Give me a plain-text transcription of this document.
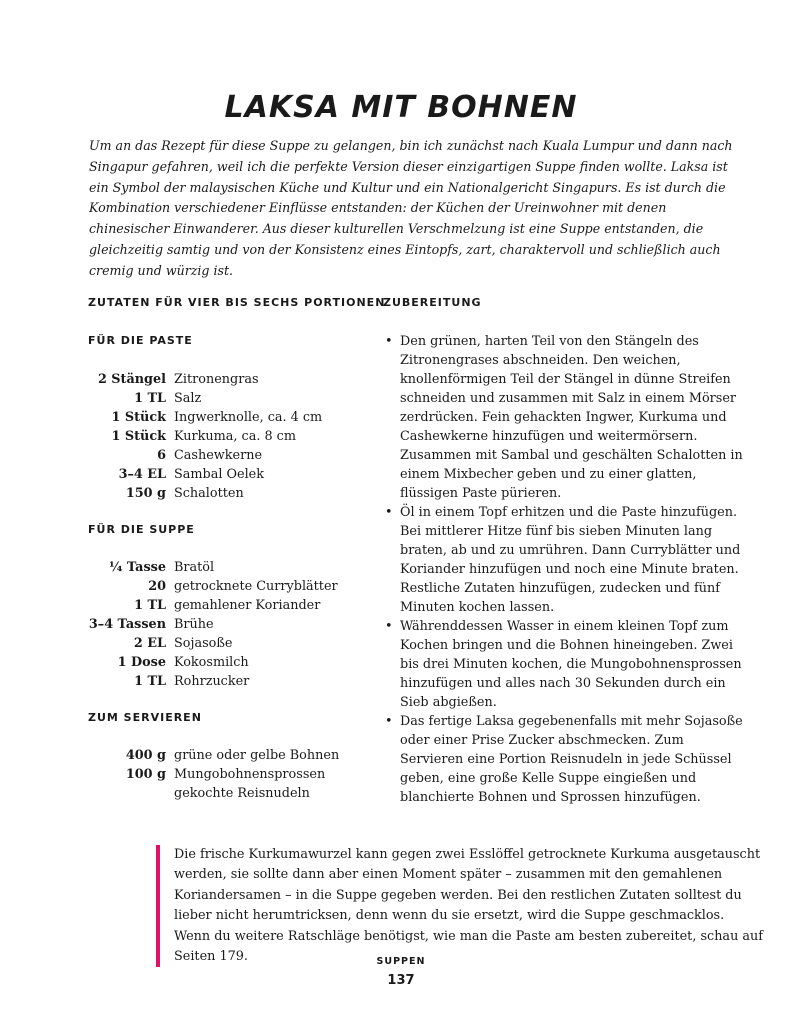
LAKSA MIT BOHNEN

Um an das Rezept für diese Suppe zu gelangen, bin ich zunächst nach Kuala Lumpur und dann nach Singapur gefahren, weil ich die perfekte Version dieser einzigartigen Suppe finden wollte. Laksa ist ein Symbol der malaysischen Küche und Kultur und ein Nationalgericht Singapurs. Es ist durch die Kombination verschiedener Einflüsse entstanden: der Küchen der Ureinwohner mit denen chinesischer Einwanderer. Aus dieser kulturellen Verschmelzung ist eine Suppe entstanden, die gleichzeitig samtig und von der Konsistenz eines Eintopfs, zart, charaktervoll und schließlich auch cremig und würzig ist.

ZUTATEN FÜR VIER BIS SECHS PORTIONEN
ZUBEREITUNG
FÜR DIE PASTE
2 Stängel Zitronengras
1 TL Salz
1 Stück Ingwerknolle, ca. 4 cm
1 Stück Kurkuma, ca. 8 cm
6 Cashewkerne
3–4 EL Sambal Oelek
150 g Schalotten
FÜR DIE SUPPE
¼ Tasse Bratöl
20 getrocknete Curryblätter
1 TL gemahlener Koriander
3–4 Tassen Brühe
2 EL Sojasoße
1 Dose Kokosmilch
1 TL Rohrzucker
ZUM SERVIEREN
400 g grüne oder gelbe Bohnen
100 g Mungobohnensprossen
gekochte Reisnudeln
• Den grünen, harten Teil von den Stängeln des Zitronengrases abschneiden. Den weichen, knollenförmigen Teil der Stängel in dünne Streifen schneiden und zusammen mit Salz in einem Mörser zerdrücken. Fein gehackten Ingwer, Kurkuma und Cashewkerne hinzufügen und weitermörsern. Zusammen mit Sambal und geschälten Schalotten in einem Mixbecher geben und zu einer glatten, flüssigen Paste pürieren.
• Öl in einem Topf erhitzen und die Paste hinzufügen. Bei mittlerer Hitze fünf bis sieben Minuten lang braten, ab und zu umrühren. Dann Curryblätter und Koriander hinzufügen und noch eine Minute braten. Restliche Zutaten hinzufügen, zudecken und fünf Minuten kochen lassen.
• Währenddessen Wasser in einem kleinen Topf zum Kochen bringen und die Bohnen hineingeben. Zwei bis drei Minuten kochen, die Mungobohnensprossen hinzufügen und alles nach 30 Sekunden durch ein Sieb abgießen.
• Das fertige Laksa gegebenenfalls mit mehr Sojasoße oder einer Prise Zucker abschmecken. Zum Servieren eine Portion Reisnudeln in jede Schüssel geben, eine große Kelle Suppe eingießen und blanchierte Bohnen und Sprossen hinzufügen.

Die frische Kurkumawurzel kann gegen zwei Esslöffel getrocknete Kurkuma ausgetauscht werden, sie sollte dann aber einen Moment später – zusammen mit den gemahlenen Koriandersamen – in die Suppe gegeben werden. Bei den restlichen Zutaten solltest du lieber nicht herumtricksen, denn wenn du sie ersetzt, wird die Suppe geschmacklos. Wenn du weitere Ratschläge benötigst, wie man die Paste am besten zubereitet, schau auf Seiten 179.	SUPPEN
137
